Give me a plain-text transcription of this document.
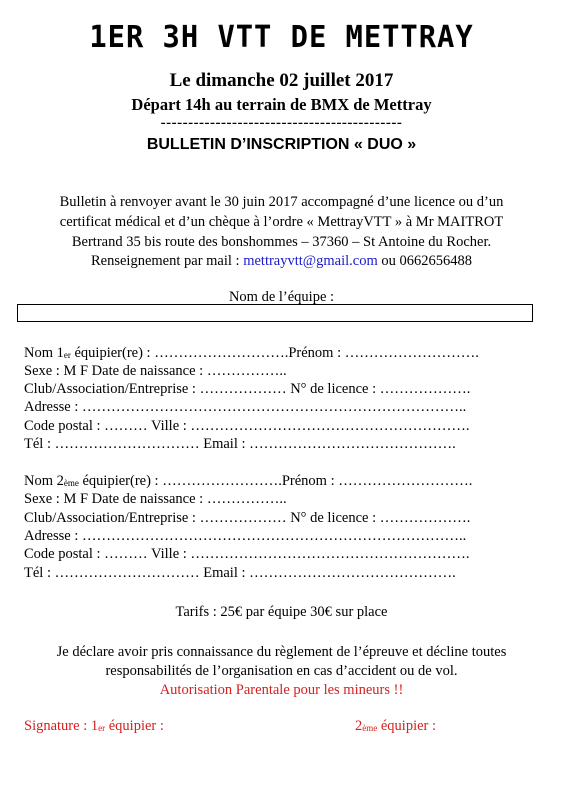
1ER 3H VTT DE METTRAY
Le dimanche 02 juillet 2017
Départ 14h au terrain de BMX de Mettray
--------------------------------------------
BULLETIN D’INSCRIPTION « DUO »
Bulletin à renvoyer avant le 30 juin 2017 accompagné d’une licence ou d’un
certificat médical et d’un chèque à l’ordre « MettrayVTT » à Mr MAITROT
Bertrand 35 bis route des bonshommes – 37360 – St Antoine du Rocher.
Renseignement par mail : mettrayvtt@gmail.com ou 0662656488
Nom de l’équipe :
Nom 1er équipier(re) : ……………………….Prénom : ……………………….
Sexe : M F Date de naissance : ……………..
Club/Association/Entreprise : ……………… N° de licence : ……………….
Adresse : ……………………………………………………………………..
Code postal : ……… Ville : ………………………………………………….
Tél : ………………………… Email : …………………………………….
Nom 2ème équipier(re) : …………………….Prénom : ……………………….
Sexe : M F Date de naissance : ……………..
Club/Association/Entreprise : ……………… N° de licence : ……………….
Adresse : ……………………………………………………………………..
Code postal : ……… Ville : ………………………………………………….
Tél : ………………………… Email : …………………………………….
Tarifs : 25€ par équipe 30€ sur place
Je déclare avoir pris connaissance du règlement de l’épreuve et décline toutes
responsabilités de l’organisation en cas d’accident ou de vol.
Autorisation Parentale pour les mineurs !!
Signature : 1er équipier :	2ème équipier :
